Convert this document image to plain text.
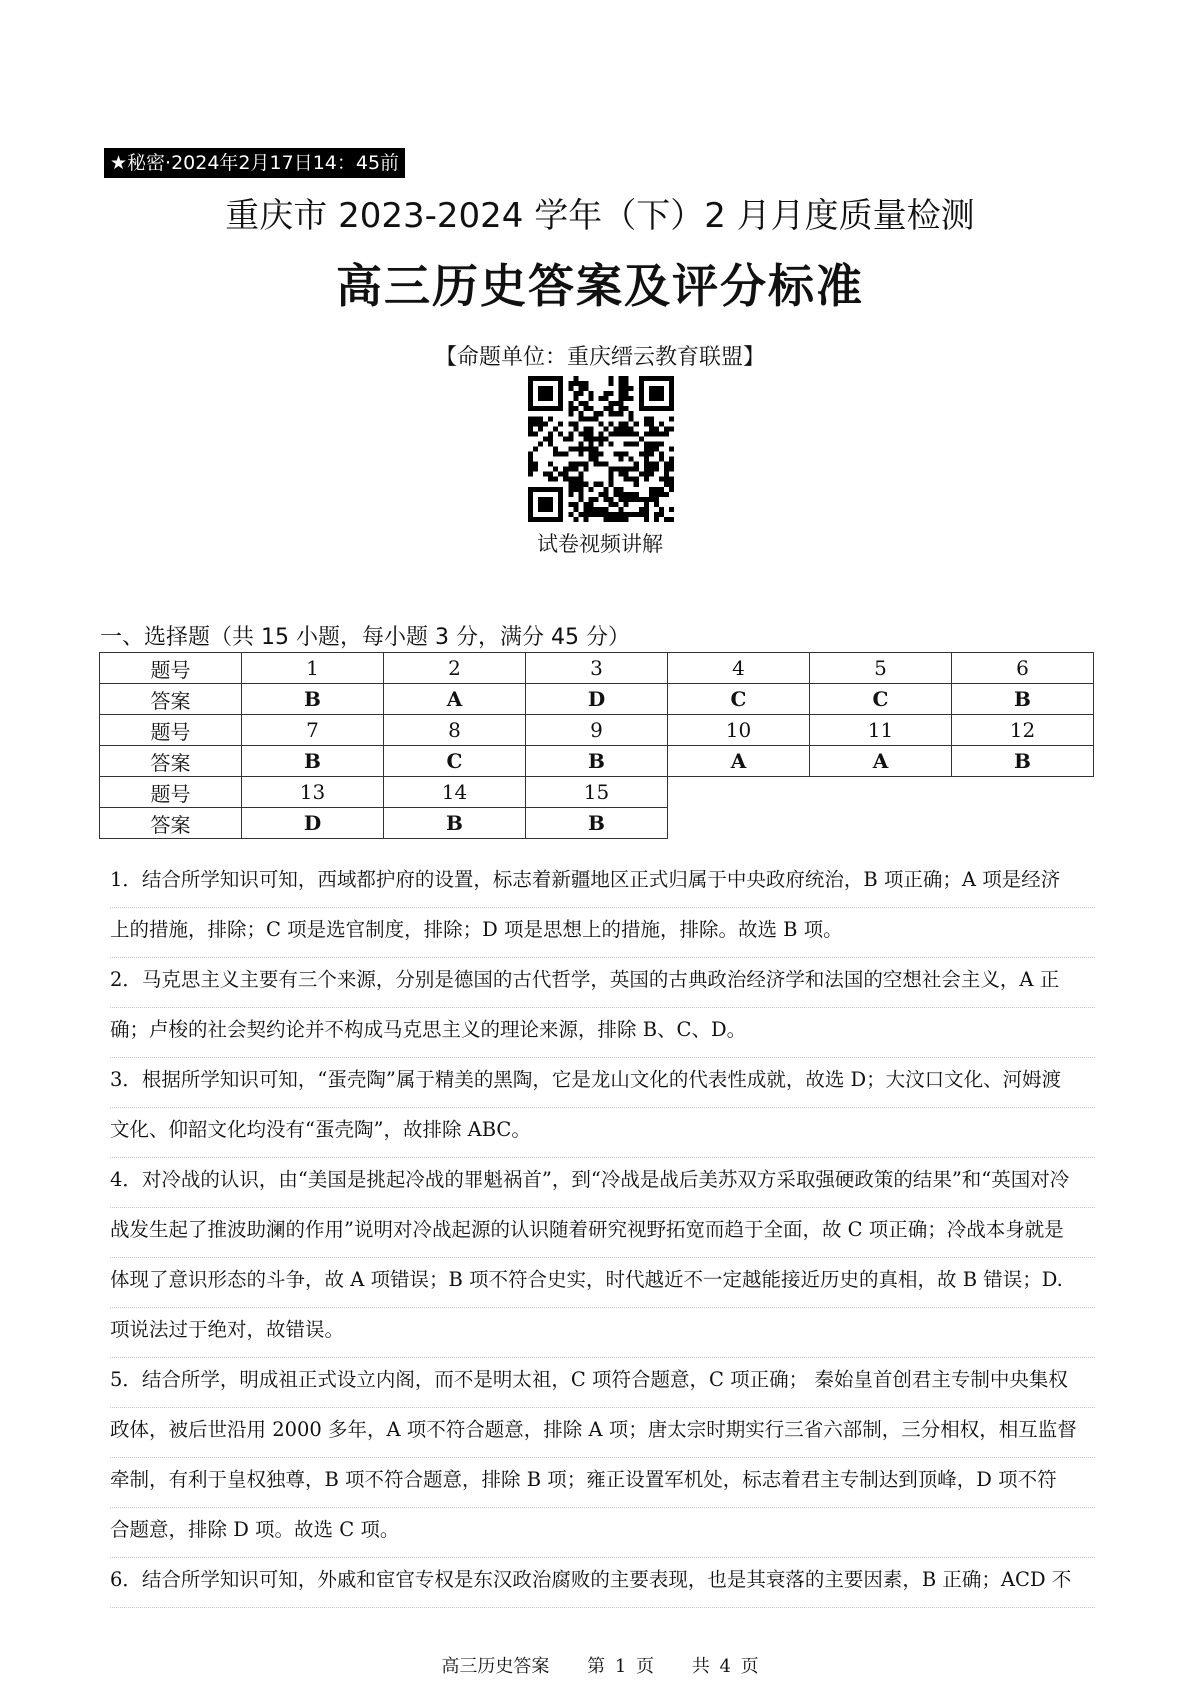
★秘密·2024年2月17日14：45前
重庆市 2023-2024 学年（下）2 月月度质量检测
高三历史答案及评分标准
【命题单位：重庆缙云教育联盟】
试卷视频讲解
一、选择题（共 15 小题，每小题 3 分，满分 45 分）
题号	1	2	3	4	5	6
答案	B	A	D	C	C	B
题号	7	8	9	10	11	12
答案	B	C	B	A	A	B
题号	13	14	15			
答案	D	B	B			
1．结合所学知识可知，西域都护府的设置，标志着新疆地区正式归属于中央政府统治，B 项正确；A 项是经济
上的措施，排除；C 项是选官制度，排除；D 项是思想上的措施，排除。故选 B 项。
2．马克思主义主要有三个来源，分别是德国的古代哲学，英国的古典政治经济学和法国的空想社会主义，A 正
确；卢梭的社会契约论并不构成马克思主义的理论来源，排除 B、C、D。
3．根据所学知识可知，“蛋壳陶”属于精美的黑陶，它是龙山文化的代表性成就，故选 D；大汶口文化、河姆渡
文化、仰韶文化均没有“蛋壳陶”，故排除 ABC。
4．对冷战的认识，由“美国是挑起冷战的罪魁祸首”，到“冷战是战后美苏双方采取强硬政策的结果”和“英国对冷
战发生起了推波助澜的作用”说明对冷战起源的认识随着研究视野拓宽而趋于全面，故 C 项正确；冷战本身就是
体现了意识形态的斗争，故 A 项错误；B 项不符合史实，时代越近不一定越能接近历史的真相，故 B 错误；D.
项说法过于绝对，故错误。
5．结合所学，明成祖正式设立内阁，而不是明太祖，C 项符合题意，C 项正确； 秦始皇首创君主专制中央集权
政体，被后世沿用 2000 多年，A 项不符合题意，排除 A 项；唐太宗时期实行三省六部制，三分相权，相互监督
牵制，有利于皇权独尊，B 项不符合题意，排除 B 项；雍正设置军机处，标志着君主专制达到顶峰，D 项不符
合题意，排除 D 项。故选 C 项。
6．结合所学知识可知，外戚和宦官专权是东汉政治腐败的主要表现，也是其衰落的主要因素，B 正确；ACD 不
高三历史答案 第 1 页 共 4 页
